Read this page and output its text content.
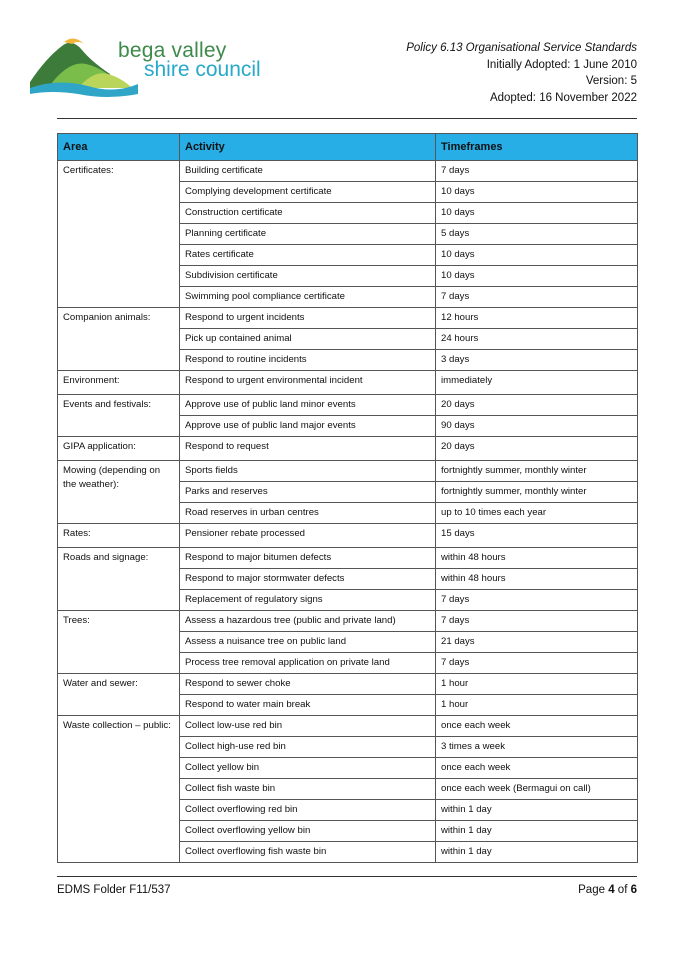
bega valley
shire council
Policy 6.13 Organisational Service Standards
Initially Adopted: 1 June 2010
Version: 5
Adopted: 16 November 2022
Area	Activity	Timeframes
Certificates:	Building certificate	7 days
	Complying development certificate	10 days
	Construction certificate	10 days
	Planning certificate	5 days
	Rates certificate	10 days
	Subdivision certificate	10 days
	Swimming pool compliance certificate	7 days
Companion animals:	Respond to urgent incidents	12 hours
	Pick up contained animal	24 hours
	Respond to routine incidents	3 days
Environment:	Respond to urgent environmental incident	immediately
Events and festivals:	Approve use of public land minor events	20 days
	Approve use of public land major events	90 days
GIPA application:	Respond to request	20 days
Mowing (depending on the weather):	Sports fields	fortnightly summer, monthly winter
	Parks and reserves	fortnightly summer, monthly winter
	Road reserves in urban centres	up to 10 times each year
Rates:	Pensioner rebate processed	15 days
Roads and signage:	Respond to major bitumen defects	within 48 hours
	Respond to major stormwater defects	within 48 hours
	Replacement of regulatory signs	7 days
Trees:	Assess a hazardous tree (public and private land)	7 days
	Assess a nuisance tree on public land	21 days
	Process tree removal application on private land	7 days
Water and sewer:	Respond to sewer choke	1 hour
	Respond to water main break	1 hour
Waste collection – public:	Collect low-use red bin	once each week
	Collect high-use red bin	3 times a week
	Collect yellow bin	once each week
	Collect fish waste bin	once each week (Bermagui on call)
	Collect overflowing red bin	within 1 day
	Collect overflowing yellow bin	within 1 day
	Collect overflowing fish waste bin	within 1 day
EDMS Folder F11/537	Page 4 of 6
